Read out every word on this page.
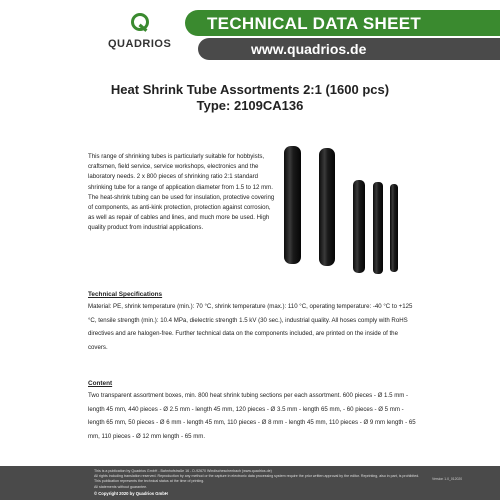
QUADRIOS
TECHNICAL DATA SHEET
www.quadrios.de
Heat Shrink Tube Assortments 2:1 (1600 pcs)
Type: 2109CA136

This range of shrinking tubes is particularly suitable for hobbyists, craftsmen, field service, service workshops, electronics and the laboratory needs. 2 x 800 pieces of shrinking ratio 2:1 standard shrinking tube for a range of application diameter from 1.5 to 12 mm.

The heat-shrink tubing can be used for insulation, protective covering of components, as anti-kink protection, protection against corrosion, as well as repair of cables and lines, and much more be used. High quality product from industrial applications.

Technical Specifications
Material: PE, shrink temperature (min.): 70 °C, shrink temperature (max.): 110 °C, operating temperature: -40 °C to +125 °C, tensile strength (min.): 10.4 MPa, dielectric strength 1.5 kV (30 sec.), industrial quality. All hoses comply with RoHS directives and are halogen-free. Further technical data on the components included, are printed on the inside of the covers.
Content
Two transparent assortment boxes, min. 800 heat shrink tubing sections per each assortment. 600 pieces - Ø 1.5 mm - length 45 mm, 440 pieces - Ø 2.5 mm - length 45 mm, 120 pieces - Ø 3.5 mm - length 65 mm, - 60 pieces - Ø 5 mm - length 65 mm, 50 pieces - Ø 6 mm - length 45 mm, 110 pieces - Ø 8 mm - length 45 mm, 110 pieces - Ø 9 mm length - 65 mm, 110 pieces - Ø 12 mm length - 65 mm.
This is a publication by Quadrios GmbH - Bahnhofstraße 16 - D-92670 Windischeschenbach (www.quadrios.de)
All rights including translation reserved. Reproduction by any method or the capture in electronic data processing system require the prior written approval by the editor. Reprinting, also in part, is prohibited. This publication represents the technical status at the time of printing.
All statements without guarantee.
© Copyright 2020 by Quadrios GmbH
Version 1.0_012020
